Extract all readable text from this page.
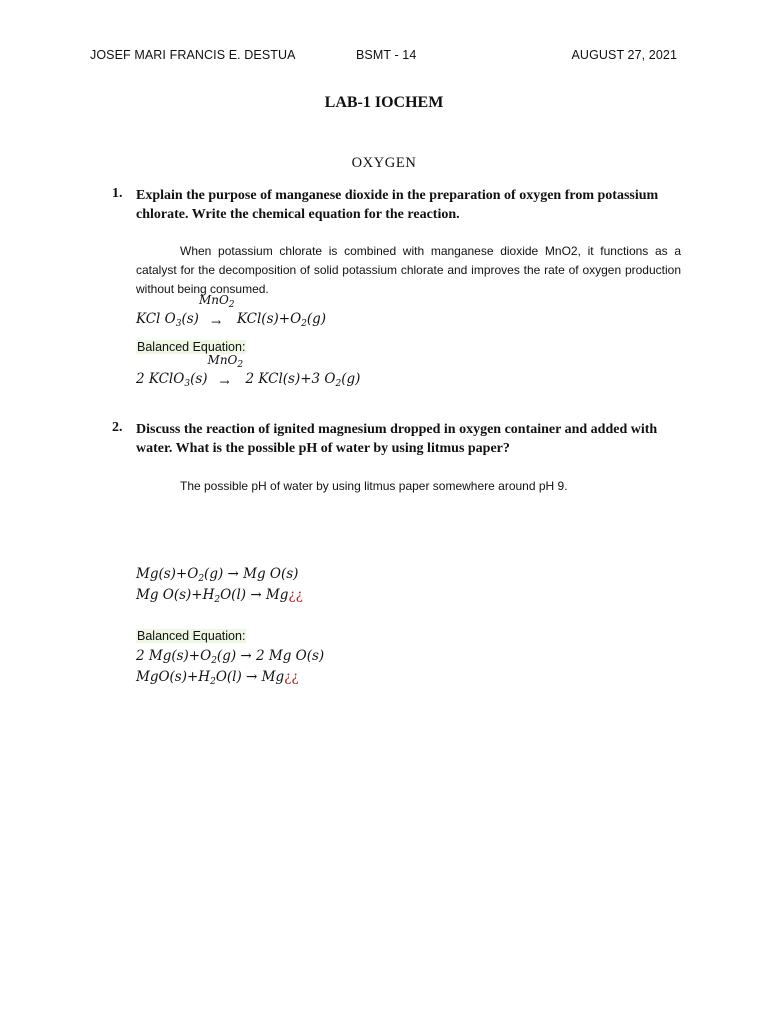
JOSEF MARI FRANCIS E. DESTUA	BSMT - 14	AUGUST 27, 2021
LAB-1 IOCHEM
OXYGEN
1. Explain the purpose of manganese dioxide in the preparation of oxygen from potassium chlorate. Write the chemical equation for the reaction.
When potassium chlorate is combined with manganese dioxide MnO2, it functions as a catalyst for the decomposition of solid potassium chlorate and improves the rate of oxygen production without being consumed.
KCl $O_3(s)$
MnO$_2$
→ $KCl(s)+O_2(g)$
Balanced Equation:
2 KClO$_3$(s)
MnO$_2$
→ 2 KCl(s)+3 $O_2(g)$
2. Discuss the reaction of ignited magnesium dropped in oxygen container and added with water. What is the possible pH of water by using litmus paper?
The possible pH of water by using litmus paper somewhere around pH 9.
$Mg(s)+O_2(g) \to Mg$ O(s)
Mg $O(s)+H_2O(l)$ → Mg¿¿
Balanced Equation:
2 $Mg(s)+O_2(g) \to 2$ Mg O(s)
$MgO(s)+H_2O(l)$ → Mg¿¿
